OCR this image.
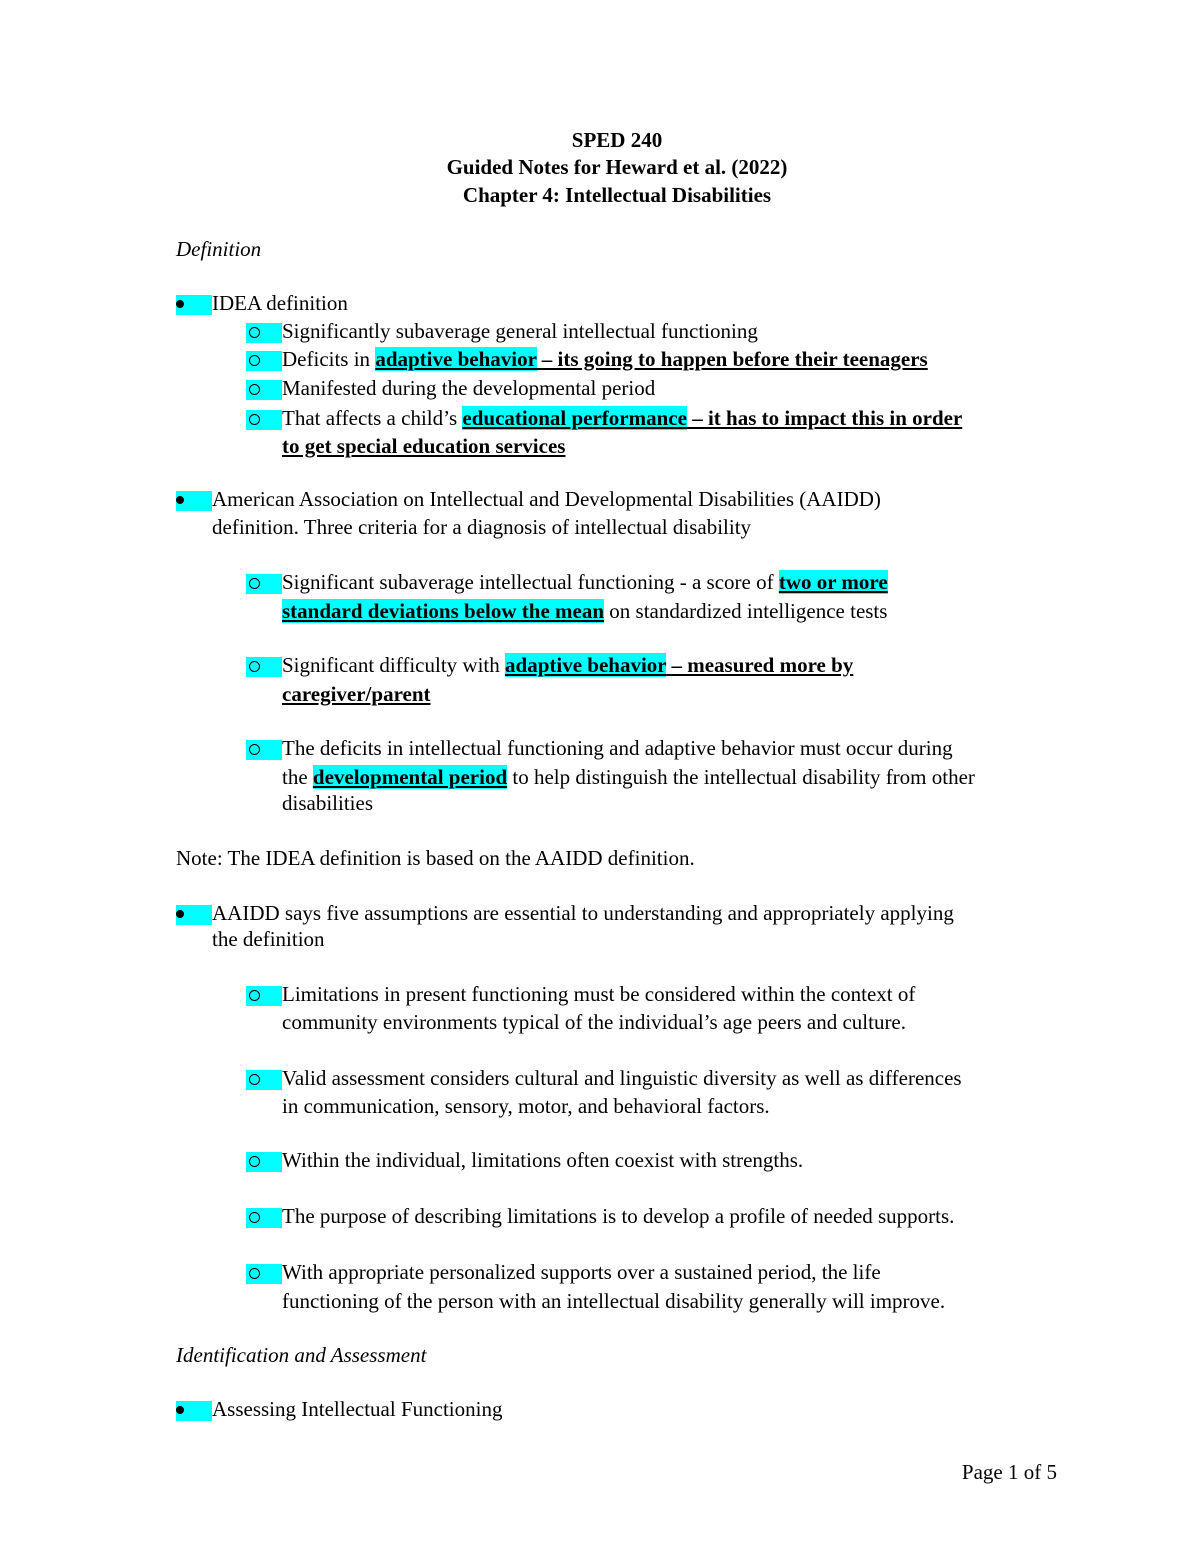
SPED 240
Guided Notes for Heward et al. (2022)
Chapter 4: Intellectual Disabilities
Definition
IDEA definition
Significantly subaverage general intellectual functioning
Deficits in adaptive behavior – its going to happen before their teenagers
Manifested during the developmental period
That affects a child’s educational performance – it has to impact this in order
to get special education services
American Association on Intellectual and Developmental Disabilities (AAIDD)
definition. Three criteria for a diagnosis of intellectual disability
Significant subaverage intellectual functioning - a score of two or more
standard deviations below the mean on standardized intelligence tests
Significant difficulty with adaptive behavior – measured more by
caregiver/parent
The deficits in intellectual functioning and adaptive behavior must occur during
the developmental period to help distinguish the intellectual disability from other
disabilities
Note: The IDEA definition is based on the AAIDD definition.
AAIDD says five assumptions are essential to understanding and appropriately applying
the definition
Limitations in present functioning must be considered within the context of
community environments typical of the individual’s age peers and culture.
Valid assessment considers cultural and linguistic diversity as well as differences
in communication, sensory, motor, and behavioral factors.
Within the individual, limitations often coexist with strengths.
The purpose of describing limitations is to develop a profile of needed supports.
With appropriate personalized supports over a sustained period, the life
functioning of the person with an intellectual disability generally will improve.
Identification and Assessment
Assessing Intellectual Functioning
Page 1 of 5
